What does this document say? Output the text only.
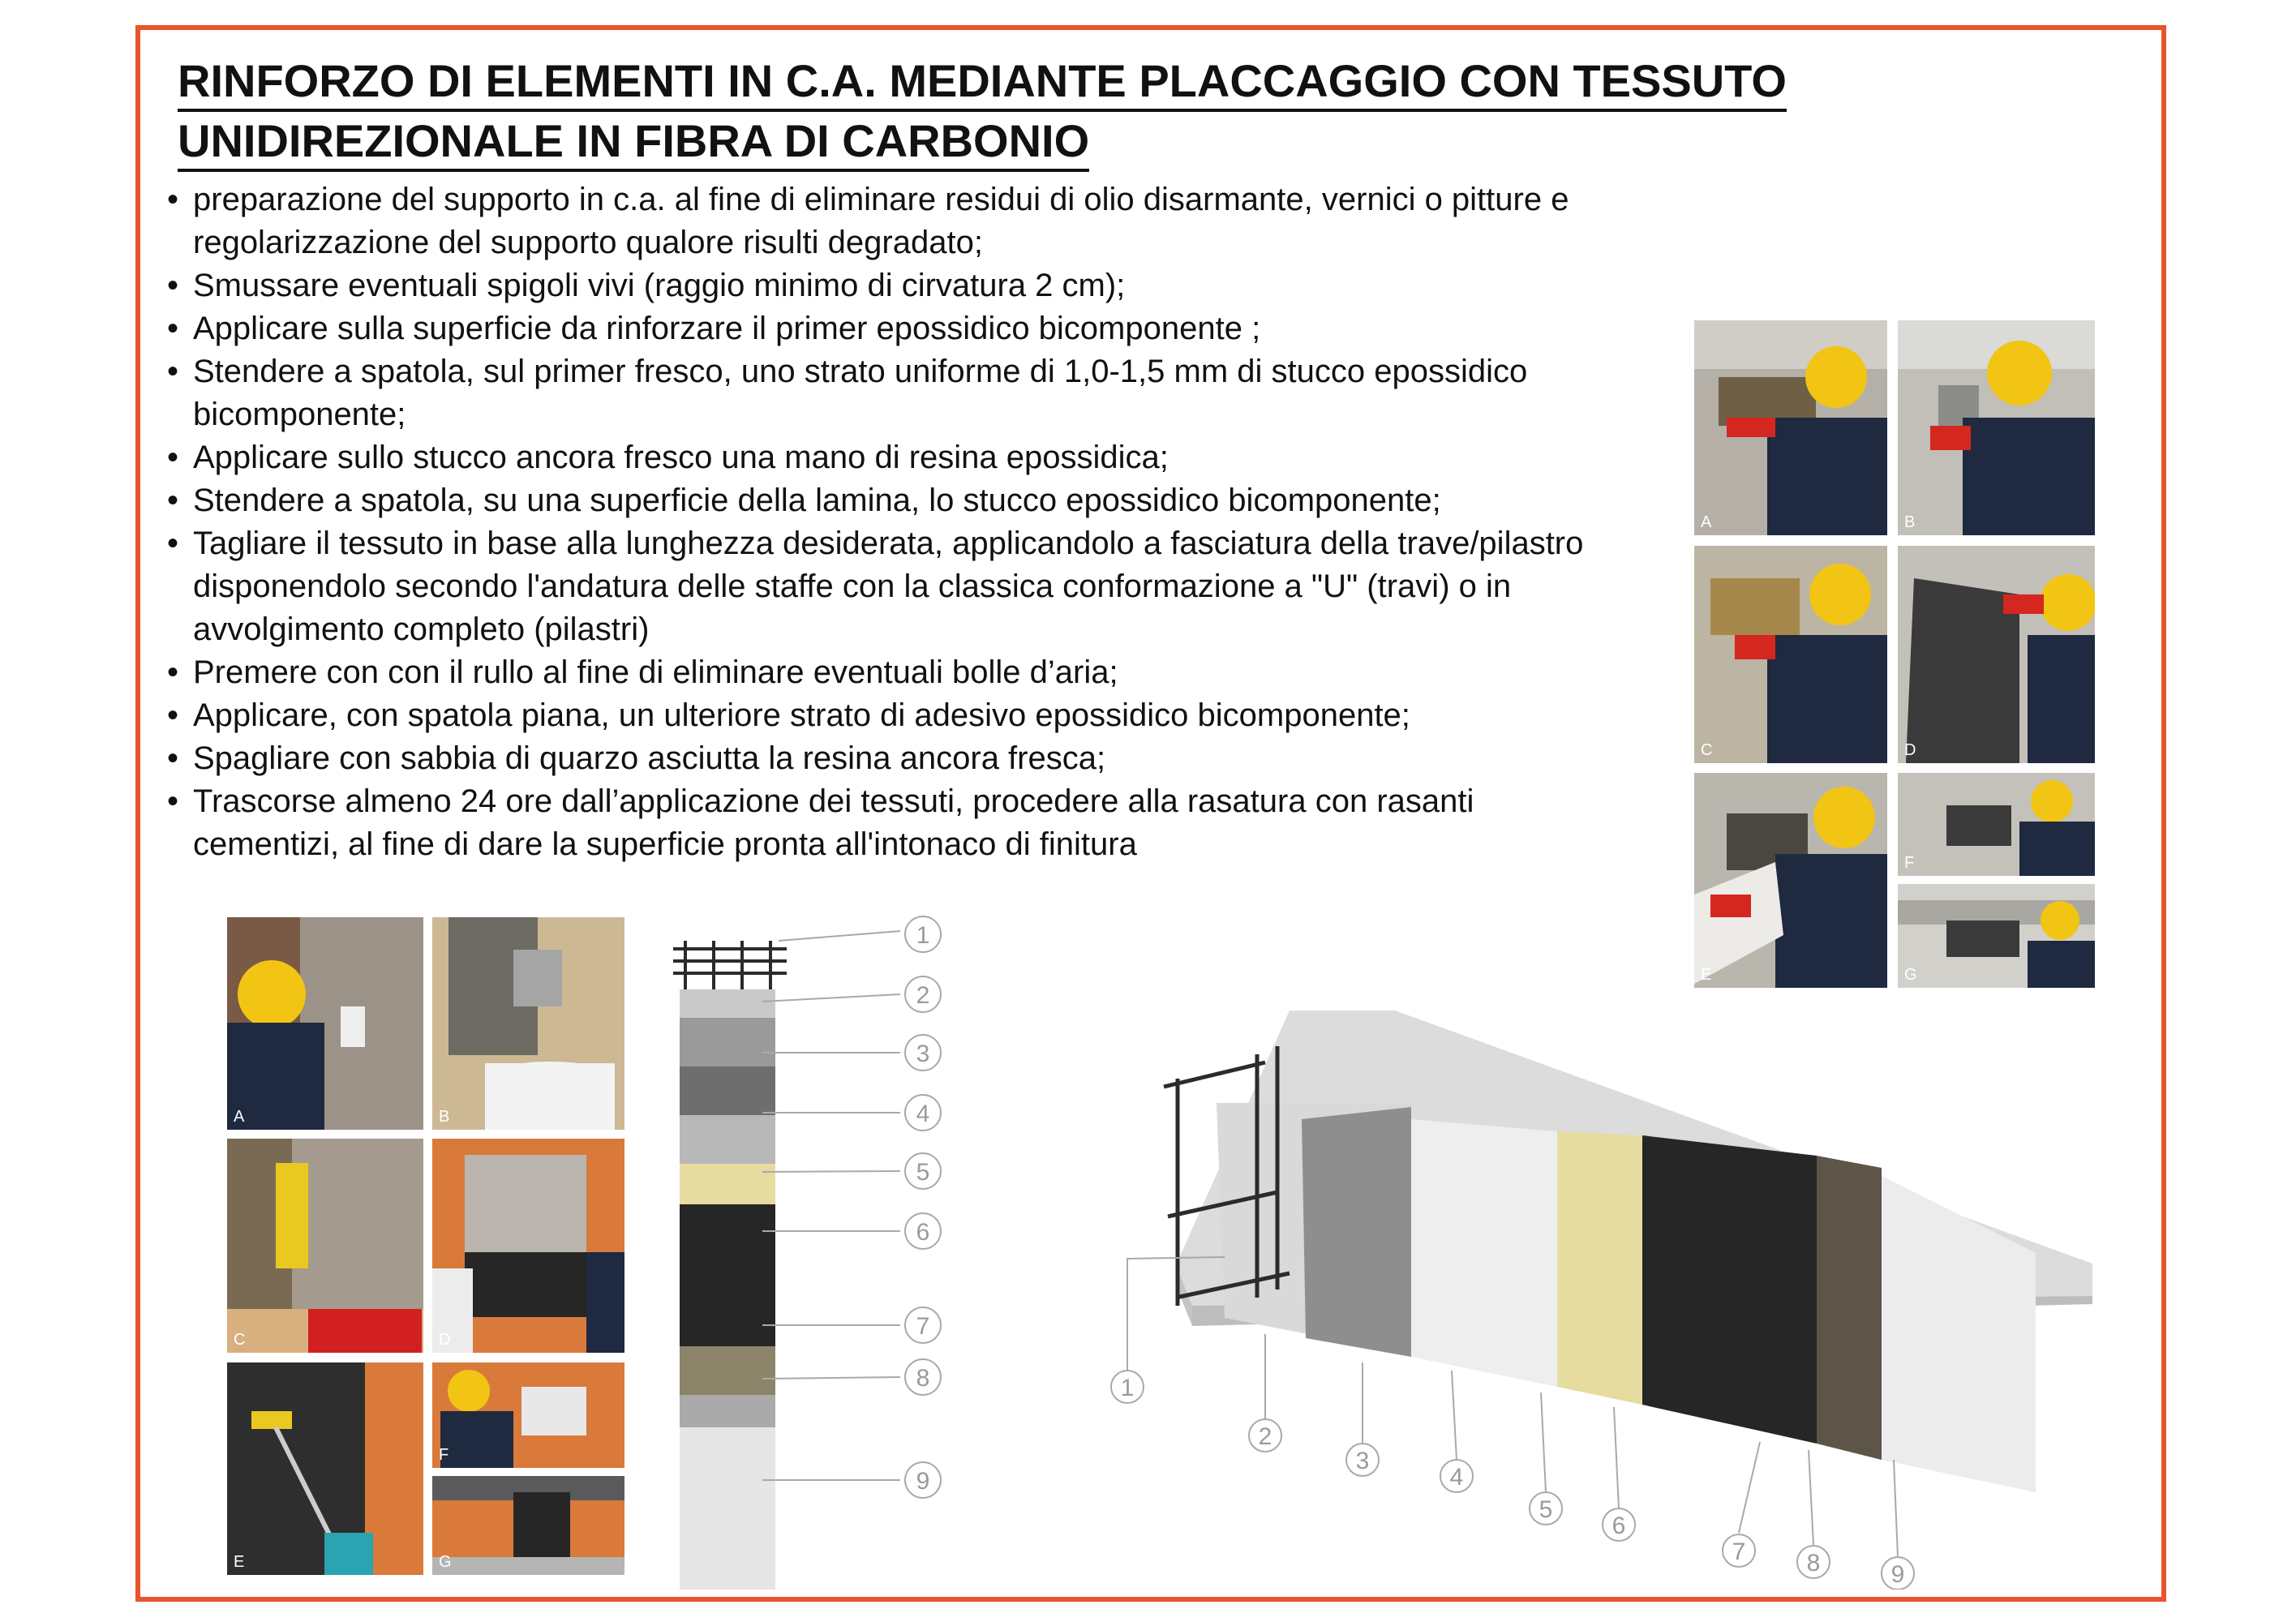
RINFORZO DI ELEMENTI IN C.A. MEDIANTE PLACCAGGIO CON TESSUTO
UNIDIREZIONALE IN FIBRA DI CARBONIO
• preparazione del supporto in c.a. al fine di eliminare residui di olio disarmante, vernici o pitture e
regolarizzazione del supporto qualore risulti degradato;
• Smussare eventuali spigoli vivi (raggio minimo di cirvatura 2 cm);
• Applicare sulla superficie da rinforzare il primer epossidico bicomponente ;
• Stendere a spatola, sul primer fresco, uno strato uniforme di 1,0-1,5 mm di stucco epossidico
bicomponente;
• Applicare sullo stucco ancora fresco una mano di resina epossidica;
• Stendere a spatola, su una superficie della lamina, lo stucco epossidico bicomponente;
• Tagliare il tessuto in base alla lunghezza desiderata, applicandolo a fasciatura della trave/pilastro
disponendolo secondo l'andatura delle staffe con la classica conformazione a "U" (travi) o in
avvolgimento completo (pilastri)
• Premere con con il rullo al fine di eliminare eventuali bolle d’aria;
• Applicare, con spatola piana, un ulteriore strato di adesivo epossidico bicomponente;
• Spagliare con sabbia di quarzo asciutta la resina ancora fresca;
• Trascorse almeno 24 ore dall’applicazione dei tessuti, procedere alla rasatura con rasanti
cementizi, al fine di dare la superficie pronta all'intonaco di finitura
A	B
C	D
E
F
G
A	B
C	D
E
F
G
1
2
3
4
5
6
7
8
9
1
2
3
4
5
6
7	8	9
